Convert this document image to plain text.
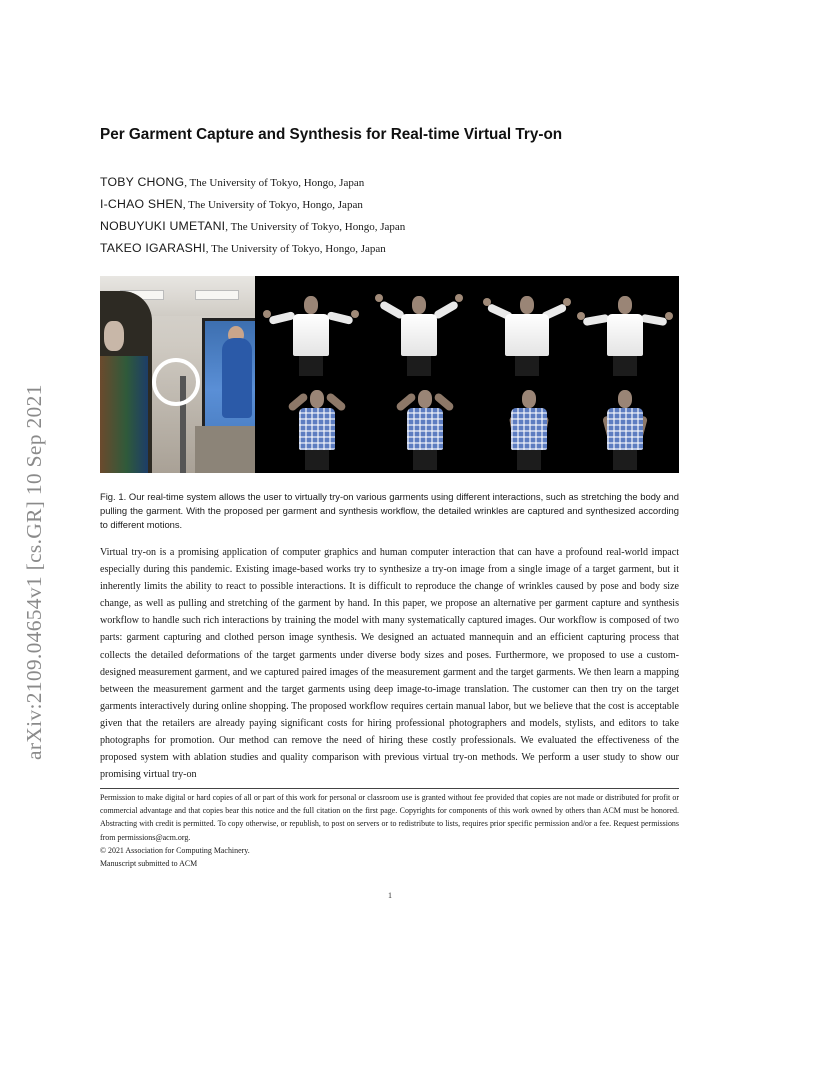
arXiv:2109.04654v1 [cs.GR] 10 Sep 2021
Per Garment Capture and Synthesis for Real-time Virtual Try-on
TOBY CHONG, The University of Tokyo, Hongo, Japan
I-CHAO SHEN, The University of Tokyo, Hongo, Japan
NOBUYUKI UMETANI, The University of Tokyo, Hongo, Japan
TAKEO IGARASHI, The University of Tokyo, Hongo, Japan
Fig. 1. Our real-time system allows the user to virtually try-on various garments using different interactions, such as stretching the body and pulling the garment. With the proposed per garment and synthesis workflow, the detailed wrinkles are captured and synthesized according to different motions.
Virtual try-on is a promising application of computer graphics and human computer interaction that can have a profound real-world impact especially during this pandemic. Existing image-based works try to synthesize a try-on image from a single image of a target garment, but it inherently limits the ability to react to possible interactions. It is difficult to reproduce the change of wrinkles caused by pose and body size change, as well as pulling and stretching of the garment by hand. In this paper, we propose an alternative per garment capture and synthesis workflow to handle such rich interactions by training the model with many systematically captured images. Our workflow is composed of two parts: garment capturing and clothed person image synthesis. We designed an actuated mannequin and an efficient capturing process that collects the detailed deformations of the target garments under diverse body sizes and poses. Furthermore, we proposed to use a custom-designed measurement garment, and we captured paired images of the measurement garment and the target garments. We then learn a mapping between the measurement garment and the target garments using deep image-to-image translation. The customer can then try on the target garments interactively during online shopping. The proposed workflow requires certain manual labor, but we believe that the cost is acceptable given that the retailers are already paying significant costs for hiring professional photographers and models, stylists, and editors to take photographs for promotion. Our method can remove the need of hiring these costly professionals. We evaluated the effectiveness of the proposed system with ablation studies and quality comparison with previous virtual try-on methods. We perform a user study to show our promising virtual try-on
Permission to make digital or hard copies of all or part of this work for personal or classroom use is granted without fee provided that copies are not made or distributed for profit or commercial advantage and that copies bear this notice and the full citation on the first page. Copyrights for components of this work owned by others than ACM must be honored. Abstracting with credit is permitted. To copy otherwise, or republish, to post on servers or to redistribute to lists, requires prior specific permission and/or a fee. Request permissions from permissions@acm.org.
© 2021 Association for Computing Machinery.
Manuscript submitted to ACM
1
